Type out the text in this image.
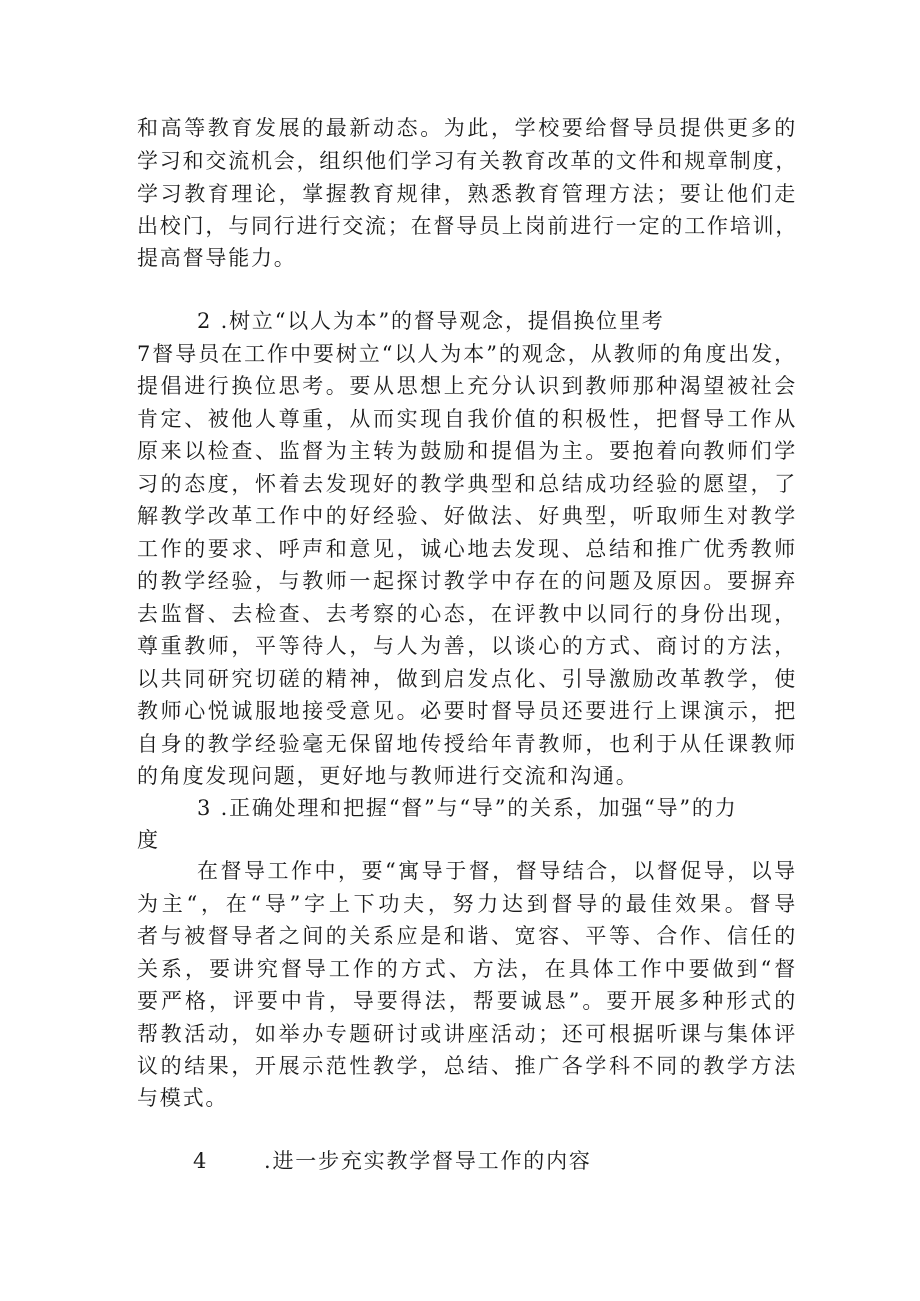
和高等教育发展的最新动态。为此，学校要给督导员提供更多的
学习和交流机会，组织他们学习有关教育改革的文件和规章制度，
学习教育理论，掌握教育规律，熟悉教育管理方法；要让他们走
出校门，与同行进行交流；在督导员上岗前进行一定的工作培训，
提高督导能力。
2 .树立“以人为本”的督导观念，提倡换位里考
7督导员在工作中要树立“以人为本”的观念，从教师的角度出发，
提倡进行换位思考。要从思想上充分认识到教师那种渴望被社会
肯定、被他人尊重，从而实现自我价值的积极性，把督导工作从
原来以检查、监督为主转为鼓励和提倡为主。要抱着向教师们学
习的态度，怀着去发现好的教学典型和总结成功经验的愿望，了
解教学改革工作中的好经验、好做法、好典型，听取师生对教学
工作的要求、呼声和意见，诚心地去发现、总结和推广优秀教师
的教学经验，与教师一起探讨教学中存在的问题及原因。要摒弃
去监督、去检查、去考察的心态，在评教中以同行的身份出现，
尊重教师，平等待人，与人为善，以谈心的方式、商讨的方法，
以共同研究切磋的精神，做到启发点化、引导激励改革教学，使
教师心悦诚服地接受意见。必要时督导员还要进行上课演示，把
自身的教学经验毫无保留地传授给年青教师，也利于从任课教师
的角度发现问题，更好地与教师进行交流和沟通。
3 .正确处理和把握“督”与“导”的关系，加强“导”的力
度
在督导工作中，要“寓导于督，督导结合，以督促导，以导
为主“，在“导”字上下功夫，努力达到督导的最佳效果。督导
者与被督导者之间的关系应是和谐、宽容、平等、合作、信任的
关系，要讲究督导工作的方式、方法，在具体工作中要做到“督
要严格，评要中肯，导要得法，帮要诚恳”。要开展多种形式的
帮教活动，如举办专题研讨或讲座活动；还可根据听课与集体评
议的结果，开展示范性教学，总结、推广各学科不同的教学方法
与模式。
4	.进一步充实教学督导工作的内容
